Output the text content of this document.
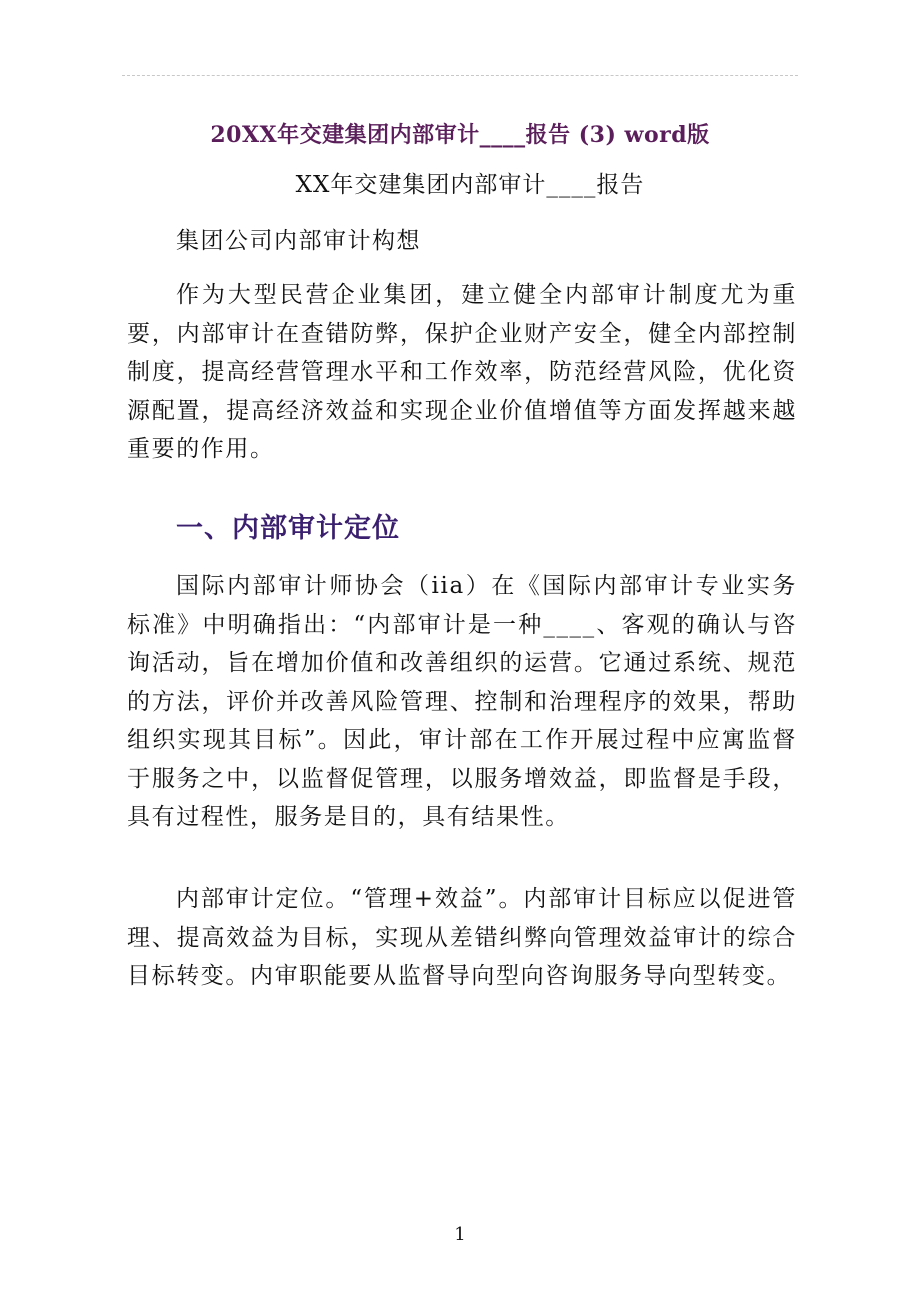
20XX年交建集团内部审计____报告 (3) word版
XX年交建集团内部审计____报告
集团公司内部审计构想

作为大型民营企业集团，建立健全内部审计制度尤为重要，内部审计在查错防弊，保护企业财产安全，健全内部控制制度，提高经营管理水平和工作效率，防范经营风险，优化资源配置，提高经济效益和实现企业价值增值等方面发挥越来越重要的作用。

一、内部审计定位

国际内部审计师协会（iia）在《国际内部审计专业实务标准》中明确指出：“内部审计是一种____、客观的确认与咨询活动，旨在增加价值和改善组织的运营。它通过系统、规范的方法，评价并改善风险管理、控制和治理程序的效果，帮助组织实现其目标”。因此，审计部在工作开展过程中应寓监督于服务之中，以监督促管理，以服务增效益，即监督是手段，具有过程性，服务是目的，具有结果性。

内部审计定位。“管理+效益”。内部审计目标应以促进管理、提高效益为目标，实现从差错纠弊向管理效益审计的综合目标转变。内审职能要从监督导向型向咨询服务导向型转变。

1
